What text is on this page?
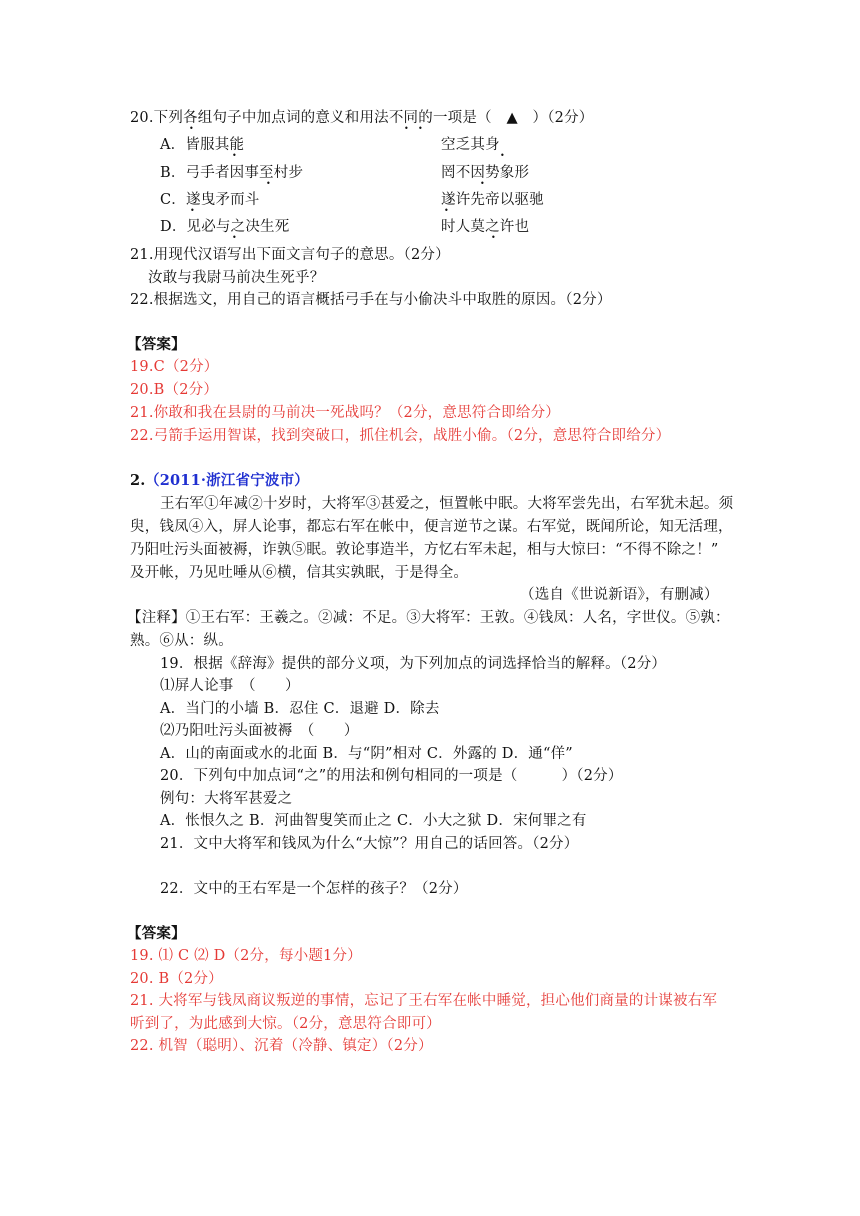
20.下列各组句子中加点词的意义和用法不同的一项是（　▲　）（2分）
•	• •
A．皆服其能	空乏其身
•	•
B．弓手者因事至村步	罔不因势象形
•	•
C．遂曳矛而斗	遂许先帝以驱驰
•	•
D．见必与之决生死	时人莫之许也
•	•
21.用现代汉语写出下面文言句子的意思。（2分）
汝敢与我尉马前决生死乎？
22.根据选文，用自己的语言概括弓手在与小偷决斗中取胜的原因。（2分）
【答案】
19.C（2分）
20.B（2分）
21.你敢和我在县尉的马前决一死战吗？（2分，意思符合即给分）
22.弓箭手运用智谋，找到突破口，抓住机会，战胜小偷。（2分，意思符合即给分）
2. （2011·浙江省宁波市）
王右军①年减②十岁时，大将军③甚爱之，恒置帐中眠。大将军尝先出，右军犹未起。须
臾，钱凤④入，屏人论事，都忘右军在帐中，便言逆节之谋。右军觉，既闻所论，知无活理，
乃阳吐污头面被褥，诈孰⑤眠。敦论事造半，方忆右军未起，相与大惊曰：“不得不除之！”
及开帐，乃见吐唾从⑥横，信其实孰眠，于是得全。
（选自《世说新语》，有删减）
【注释】①王右军：王羲之。②减：不足。③大将军：王敦。④钱凤：人名，字世仪。⑤孰：
熟。⑥从：纵。
19．根据《辞海》提供的部分义项，为下列加点的词选择恰当的解释。（2分）
⑴屏人论事　（　　）
A．当门的小墙 B．忍住 C．退避 D．除去
⑵乃阳吐污头面被褥　（　　）
A．山的南面或水的北面 B．与“阴”相对 C．外露的 D．通“佯”
20．下列句中加点词“之”的用法和例句相同的一项是（　　　）（2分）
例句：大将军甚爱之
A．怅恨久之 B．河曲智叟笑而止之 C．小大之狱 D．宋何罪之有
21．文中大将军和钱凤为什么“大惊”？用自己的话回答。（2分）
22．文中的王右军是一个怎样的孩子？（2分）
【答案】
19. ⑴ C ⑵ D（2分，每小题1分）
20. B（2分）
21. 大将军与钱凤商议叛逆的事情，忘记了王右军在帐中睡觉，担心他们商量的计谋被右军
听到了，为此感到大惊。（2分，意思符合即可）
22. 机智（聪明）、沉着（冷静、镇定）（2分）
